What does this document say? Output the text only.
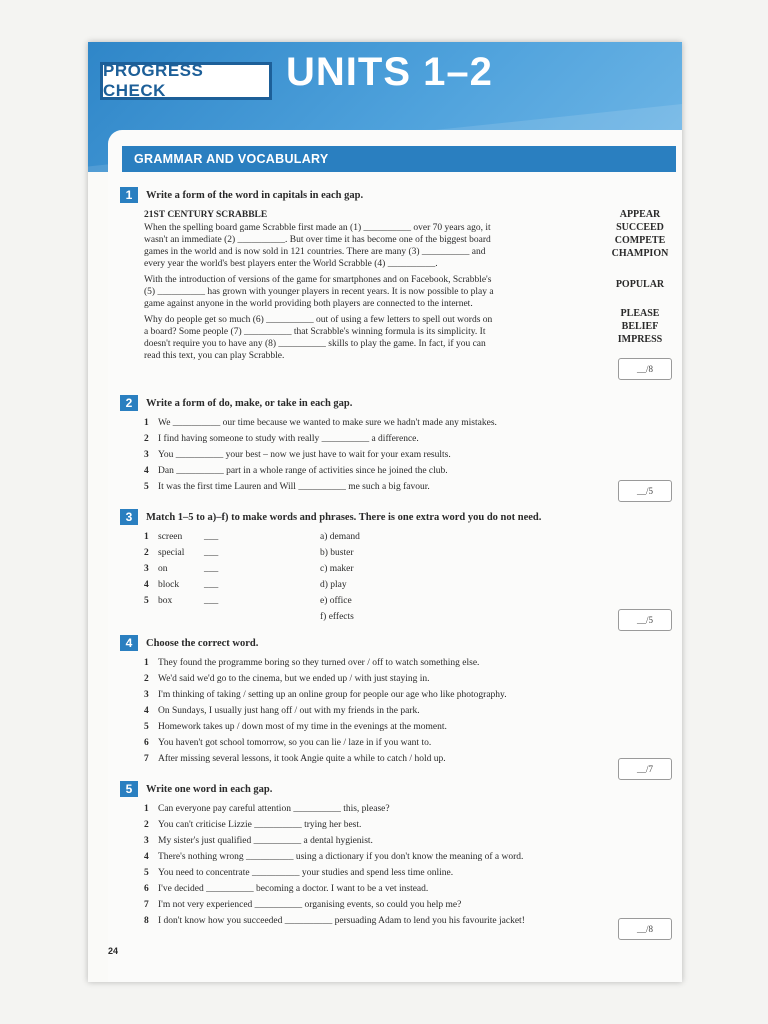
PROGRESS CHECK	UNITS 1–2
GRAMMAR AND VOCABULARY
1	Write a form of the word in capitals in each gap.
21ST CENTURY SCRABBLE
When the spelling board game Scrabble first made an (1) __________ over 70 years ago, it
wasn't an immediate (2) __________. But over time it has become one of the biggest board
games in the world and is now sold in 121 countries. There are many (3) __________ and
every year the world's best players enter the World Scrabble (4) __________.
With the introduction of versions of the game for smartphones and on Facebook, Scrabble's
(5) __________ has grown with younger players in recent years. It is now possible to play a
game against anyone in the world providing both players are connected to the internet.
Why do people get so much (6) __________ out of using a few letters to spell out words on
a board? Some people (7) __________ that Scrabble's winning formula is its simplicity. It
doesn't require you to have any (8) __________ skills to play the game. In fact, if you can
read this text, you can play Scrabble.
APPEAR
SUCCEED
COMPETE
CHAMPION
POPULAR
PLEASE
BELIEF
IMPRESS
__/8
2	Write a form of do, make, or take in each gap.
1 We __________ our time because we wanted to make sure we hadn't made any mistakes.
2 I find having someone to study with really __________ a difference.
3 You __________ your best – now we just have to wait for your exam results.
4 Dan __________ part in a whole range of activities since he joined the club.
5 It was the first time Lauren and Will __________ me such a big favour.	__/5
3	Match 1–5 to a)–f) to make words and phrases. There is one extra word you do not need.
1 screen	___
2 special	___
3 on	___
4 block	___
5 box	___
a) demand
b) buster
c) maker
d) play
e) office
f) effects	__/5
4	Choose the correct word.
1 They found the programme boring so they turned over / off to watch something else.
2 We'd said we'd go to the cinema, but we ended up / with just staying in.
3 I'm thinking of taking / setting up an online group for people our age who like photography.
4 On Sundays, I usually just hang off / out with my friends in the park.
5 Homework takes up / down most of my time in the evenings at the moment.
6 You haven't got school tomorrow, so you can lie / laze in if you want to.
7 After missing several lessons, it took Angie quite a while to catch / hold up.
__/7
5	Write one word in each gap.
1 Can everyone pay careful attention __________ this, please?
2 You can't criticise Lizzie __________ trying her best.
3 My sister's just qualified __________ a dental hygienist.
4 There's nothing wrong __________ using a dictionary if you don't know the meaning of a word.
5 You need to concentrate __________ your studies and spend less time online.
6 I've decided __________ becoming a doctor. I want to be a vet instead.
7 I'm not very experienced __________ organising events, so could you help me?
8 I don't know how you succeeded __________ persuading Adam to lend you his favourite jacket!
__/8
24
